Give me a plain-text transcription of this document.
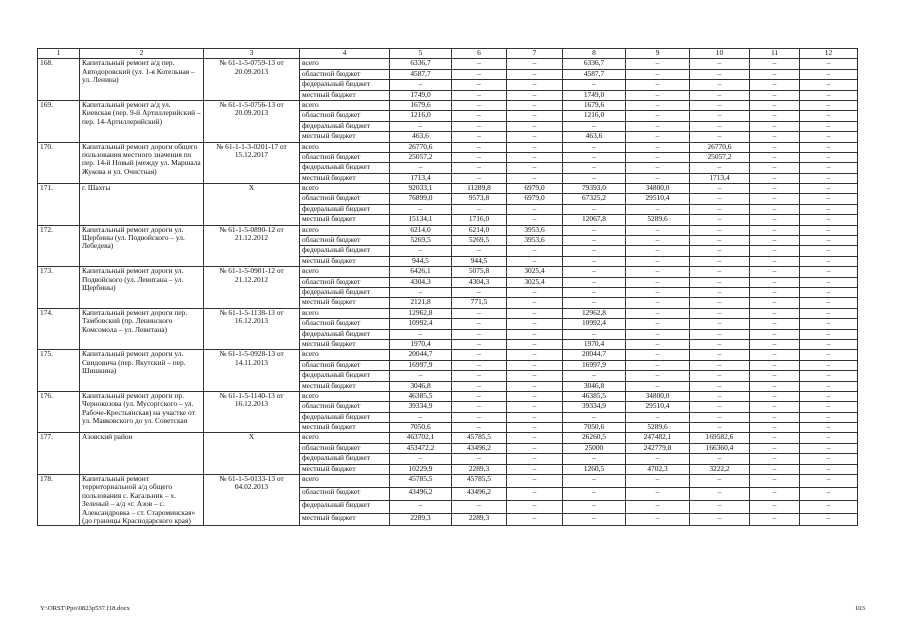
1	2	3	4	5	6	7	8	9	10	11	12
168.	Капитальный ремонт а/д пер. Автодоровский (ул. 1-я Котельная – ул. Ленина)	№ 61-1-5-0759-13 от 20.09.2013	всего	6336,7	–	–	6336,7	–	–	–	–
			областной бюджет	4587,7	–	–	4587,7	–	–	–	–
			федеральный бюджет	–	–	–	–	–	–	–	–
			местный бюджет	1749,0	–	–	1749,0	–	–	–	–
169.	Капитальный ремонт а/д ул. Киевская (пер. 9-й Артиллерийский – пер. 14-Артиллерийский)	№ 61-1-5-0756-13 от 20.09.2013	всего	1679,6	–	–	1679,6	–	–	–	–
			областной бюджет	1216,0	–	–	1216,0	–	–	–	–
			федеральный бюджет	–	–	–	–	–	–	–	–
			местный бюджет	463,6	–	–	463,6	–	–	–	–
170.	Капитальный ремонт дороги общего пользования местного значения по пер. 14-й Новый (между ул. Маршала Жукова и ул. Очистная)	№ 61-1-1-3-0201-17 от 15.12.2017	всего	26770,6	–	–	–	–	26770,6	–	–
			областной бюджет	25057,2	–	–	–	–	25057,2	–	–
			федеральный бюджет	–	–	–	–	–	–	–	–
			местный бюджет	1713,4	–	–	–	–	1713,4	–	–
171.	г. Шахты	Х	всего	92033,1	11289,8	6979,0	79393,0	34800,0	–	–	–
			областной бюджет	76899,0	9573,8	6979,0	67325,2	29510,4	–	–	–
			федеральный бюджет	–	–	–	–	–	–	–	–
			местный бюджет	15134,1	1716,0	–	12067,8	5289,6	–	–	–
172.	Капитальный ремонт дороги ул. Щербины (ул. Подвойского – ул. Лебедева)	№ 61-1-5-0890-12 от 21.12.2012	всего	6214,0	6214,0	3953,6	–	–	–	–	–
			областной бюджет	5269,5	5269,5	3953,6	–	–	–	–	–
			федеральный бюджет	–	–	–	–	–	–	–	–
			местный бюджет	944,5	944,5	–	–	–	–	–	–
173.	Капитальный ремонт дороги ул. Подвойского (ул. Левитана – ул. Щербины)	№ 61-1-5-0901-12 от 21.12.2012	всего	6426,1	5075,8	3025,4	–	–	–	–	–
			областной бюджет	4304,3	4304,3	3025,4	–	–	–	–	–
			федеральный бюджет	–	–	–	–	–	–	–	–
			местный бюджет	2121,8	771,5	–	–	–	–	–	–
174.	Капитальный ремонт дороги пер. Тамбовский (пр. Ленинского Комсомола – ул. Левитана)	№ 61-1-5-1138-13 от 16.12.2013	всего	12962,8	–	–	12962,8	–	–	–	–
			областной бюджет	10992,4	–	–	10992,4	–	–	–	–
			федеральный бюджет	–	–	–	–	–	–	–	–
			местный бюджет	1970,4	–	–	1970,4	–	–	–	–
175.	Капитальный ремонт дороги ул. Свидовича (пер. Якутский – пер. Шишкина)	№ 61-1-5-0928-13 от 14.11.2013	всего	20044,7	–	–	20044,7	–	–	–	–
			областной бюджет	16997,9	–	–	16997,9	–	–	–	–
			федеральный бюджет	–	–	–	–	–	–	–	–
			местный бюджет	3046,8	–	–	3046,8	–	–	–	–
176.	Капитальный ремонт дороги пр. Чернокозова (ул. Мусоргского – ул. Рабоче-Крестьянская) на участке от ул. Маяковского до ул. Советская	№ 61-1-5-1140-13 от 16.12.2013	всего	46385,5	–	–	46385,5	34800,0	–	–	–
			областной бюджет	39334,9	–	–	39334,9	29510,4	–	–	–
			федеральный бюджет	–	–	–	–	–	–	–	–
			местный бюджет	7050,6	–	–	7050,6	5289,6	–	–	–
177.	Азовский район	Х	всего	463702,1	45785,5	–	26260,5	247482,1	169582,6	–	–
			областной бюджет	453472,2	43496,2	–	25000	242779,8	166360,4	–	–
			федеральный бюджет	–	–	–	–	–	–	–	–
			местный бюджет	10229,9	2289,3	–	1260,5	4702,3	3222,2	–	–
178.	Капитальный ремонт территориальной а/д общего пользования с. Кагальник – х. Зеленый – а/д «г. Азов – с. Александровка – ст. Староминская» (до границы Краснодарского края)	№ 61-1-5-0133-13 от 04.02.2013	всего	45785,5	45785,5	–	–	–	–	–	–
			областной бюджет	43496,2	43496,2	–	–	–	–	–	–
			федеральный бюджет	–	–	–	–	–	–	–	–
			местный бюджет	2289,3	2289,3	–	–	–	–	–	–
Y:\ORST\Ppo\0823p537.f18.docx	103
